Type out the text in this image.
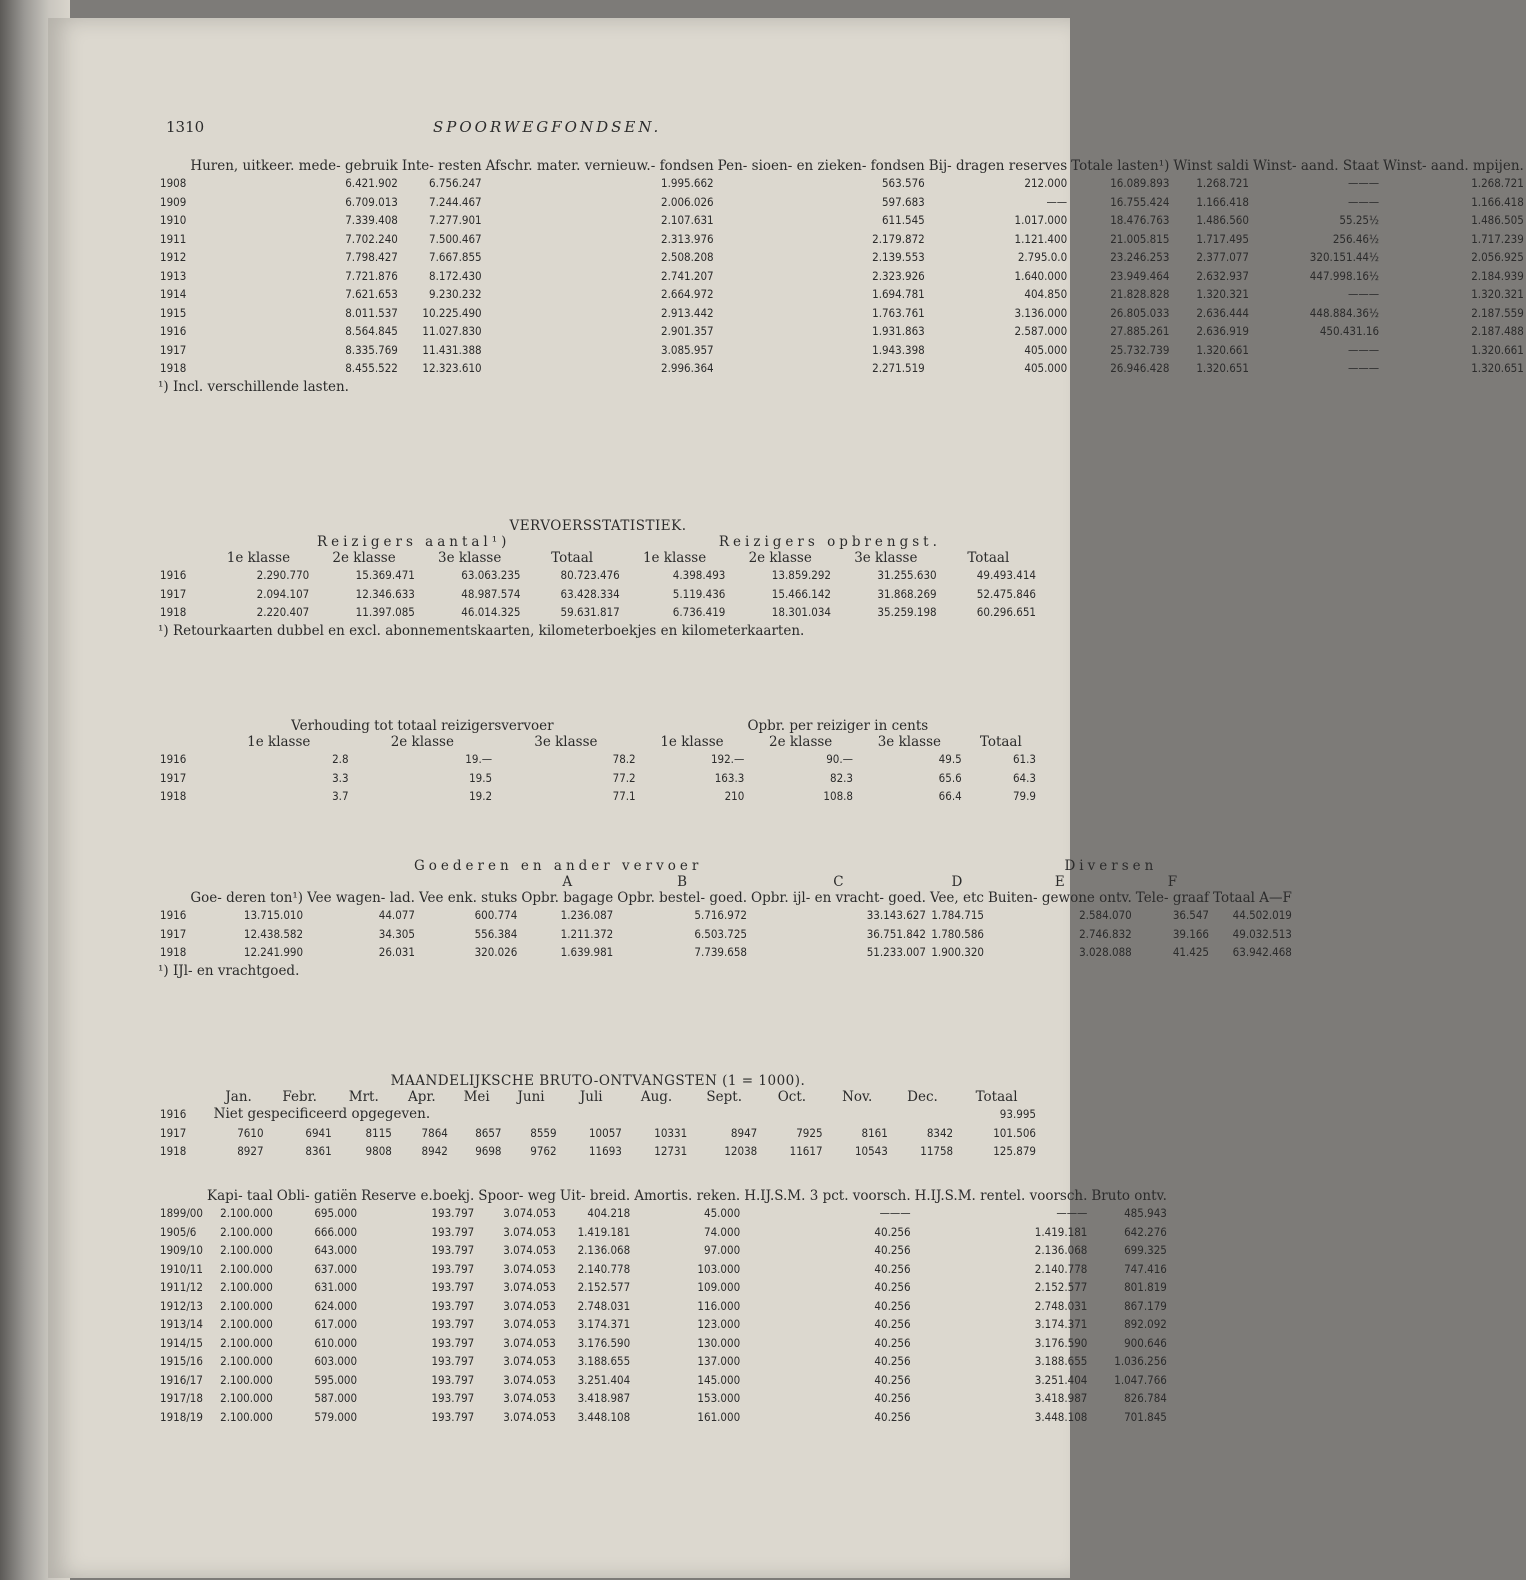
1310	SPOORWEGFONDSEN.
	Huren, uitkeer. mede- gebruik	Inte- resten	Afschr. mater. vernieuw.- fondsen	Pen- sioen- en zieken- fondsen	Bij- dragen reserves	Totale lasten¹)	Winst saldi	Winst- aand. Staat	Winst- aand. mpijen.
1908	6.421.902	6.756.247	1.995.662	563.576	212.000	16.089.893	1.268.721	———	1.268.721
1909	6.709.013	7.244.467	2.006.026	597.683	——	16.755.424	1.166.418	———	1.166.418
1910	7.339.408	7.277.901	2.107.631	611.545	1.017.000	18.476.763	1.486.560	55.25½	1.486.505
1911	7.702.240	7.500.467	2.313.976	2.179.872	1.121.400	21.005.815	1.717.495	256.46½	1.717.239
1912	7.798.427	7.667.855	2.508.208	2.139.553	2.795.0.0	23.246.253	2.377.077	320.151.44½	2.056.925
1913	7.721.876	8.172.430	2.741.207	2.323.926	1.640.000	23.949.464	2.632.937	447.998.16½	2.184.939
1914	7.621.653	9.230.232	2.664.972	1.694.781	404.850	21.828.828	1.320.321	———	1.320.321
1915	8.011.537	10.225.490	2.913.442	1.763.761	3.136.000	26.805.033	2.636.444	448.884.36½	2.187.559
1916	8.564.845	11.027.830	2.901.357	1.931.863	2.587.000	27.885.261	2.636.919	450.431.16	2.187.488
1917	8.335.769	11.431.388	3.085.957	1.943.398	405.000	25.732.739	1.320.661	———	1.320.661
1918	8.455.522	12.323.610	2.996.364	2.271.519	405.000	26.946.428	1.320.651	———	1.320.651
¹) Incl. verschillende lasten.
VERVOERSSTATISTIEK.
	Reizigers aantal¹)				Reizigers opbrengst.			
	1e klasse	2e klasse	3e klasse	Totaal	1e klasse	2e klasse	3e klasse	Totaal
1916	2.290.770	15.369.471	63.063.235	80.723.476	4.398.493	13.859.292	31.255.630	49.493.414
1917	2.094.107	12.346.633	48.987.574	63.428.334	5.119.436	15.466.142	31.868.269	52.475.846
1918	2.220.407	11.397.085	46.014.325	59.631.817	6.736.419	18.301.034	35.259.198	60.296.651
¹) Retourkaarten dubbel en excl. abonnementskaarten, kilometerboekjes en kilometerkaarten.
	Verhouding tot totaal reizigersvervoer			Opbr. per reiziger in cents			
	1e klasse	2e klasse	3e klasse	1e klasse	2e klasse	3e klasse	Totaal
1916	2.8	19.—	78.2	192.—	90.—	49.5	61.3
1917	3.3	19.5	77.2	163.3	82.3	65.6	64.3
1918	3.7	19.2	77.1	210	108.8	66.4	79.9
	Goederen en ander vervoer						Diversen			
				A	B	C	D	E	F	
	Goe- deren ton¹)	Vee wagen- lad.	Vee enk. stuks	Opbr. bagage	Opbr. bestel- goed.	Opbr. ijl- en vracht- goed.	Vee, etc	Buiten- gewone ontv.	Tele- graaf	Totaal A—F
1916	13.715.010	44.077	600.774	1.236.087	5.716.972	33.143.627	1.784.715	2.584.070	36.547	44.502.019
1917	12.438.582	34.305	556.384	1.211.372	6.503.725	36.751.842	1.780.586	2.746.832	39.166	49.032.513
1918	12.241.990	26.031	320.026	1.639.981	7.739.658	51.233.007	1.900.320	3.028.088	41.425	63.942.468
¹) IJl- en vrachtgoed.
MAANDELIJKSCHE BRUTO-ONTVANGSTEN (1 = 1000).
	Jan.	Febr.	Mrt.	Apr.	Mei	Juni	Juli	Aug.	Sept.	Oct.	Nov.	Dec.	Totaal
1916	Niet gespecificeerd opgegeven.												93.995
1917	7610	6941	8115	7864	8657	8559	10057	10331	8947	7925	8161	8342	101.506
1918	8927	8361	9808	8942	9698	9762	11693	12731	12038	11617	10543	11758	125.879
	Kapi- taal	Obli- gatiën	Reserve e.boekj.	Spoor- weg	Uit- breid.	Amortis. reken.	H.IJ.S.M. 3 pct. voorsch.	H.IJ.S.M. rentel. voorsch.	Bruto ontv.
1899/00	2.100.000	695.000	193.797	3.074.053	404.218	45.000	———	———	485.943
1905/6	2.100.000	666.000	193.797	3.074.053	1.419.181	74.000	40.256	1.419.181	642.276
1909/10	2.100.000	643.000	193.797	3.074.053	2.136.068	97.000	40.256	2.136.068	699.325
1910/11	2.100.000	637.000	193.797	3.074.053	2.140.778	103.000	40.256	2.140.778	747.416
1911/12	2.100.000	631.000	193.797	3.074.053	2.152.577	109.000	40.256	2.152.577	801.819
1912/13	2.100.000	624.000	193.797	3.074.053	2.748.031	116.000	40.256	2.748.031	867.179
1913/14	2.100.000	617.000	193.797	3.074.053	3.174.371	123.000	40.256	3.174.371	892.092
1914/15	2.100.000	610.000	193.797	3.074.053	3.176.590	130.000	40.256	3.176.590	900.646
1915/16	2.100.000	603.000	193.797	3.074.053	3.188.655	137.000	40.256	3.188.655	1.036.256
1916/17	2.100.000	595.000	193.797	3.074.053	3.251.404	145.000	40.256	3.251.404	1.047.766
1917/18	2.100.000	587.000	193.797	3.074.053	3.418.987	153.000	40.256	3.418.987	826.784
1918/19	2.100.000	579.000	193.797	3.074.053	3.448.108	161.000	40.256	3.448.108	701.845
